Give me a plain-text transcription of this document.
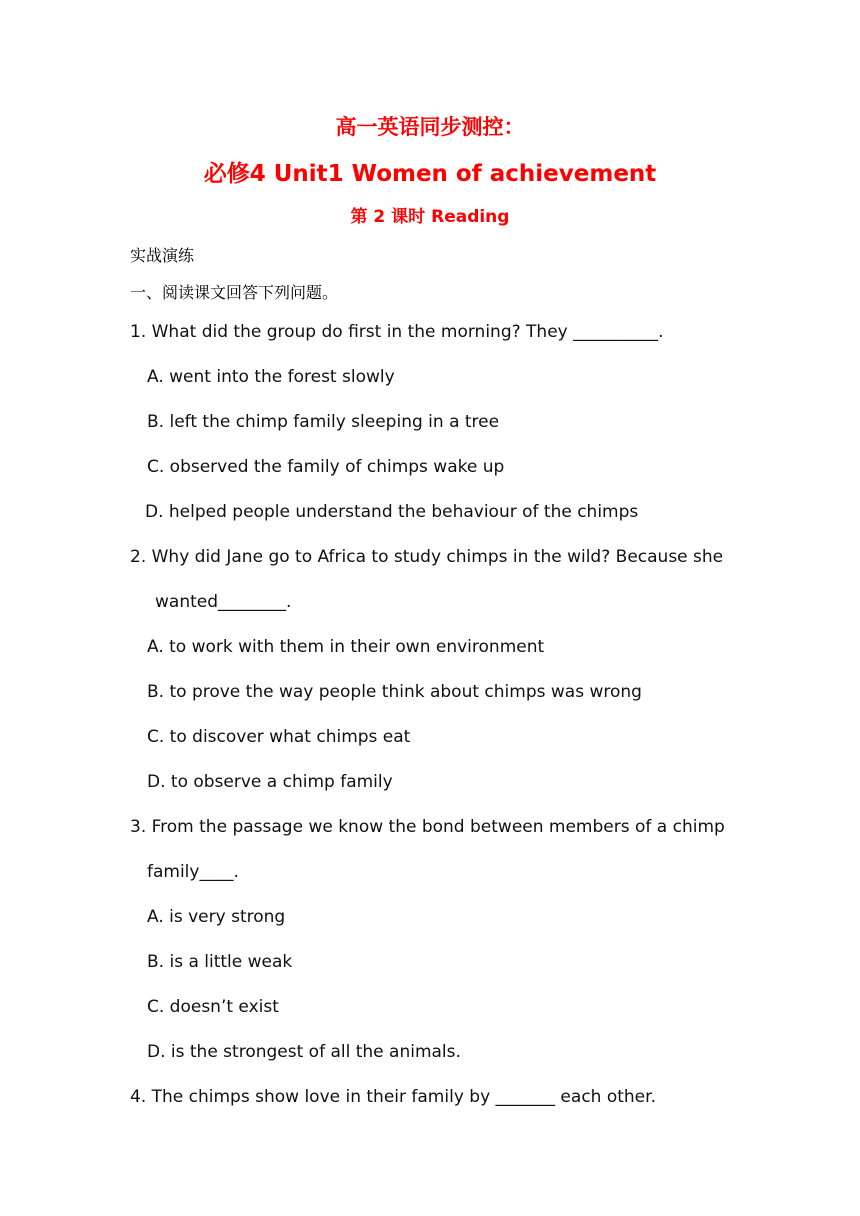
高一英语同步测控：
必修4 Unit1 Women of achievement
第 2 课时 Reading
实战演练
一、阅读课文回答下列问题。
1. What did the group do first in the morning? They __________.
A. went into the forest slowly
B. left the chimp family sleeping in a tree
C. observed the family of chimps wake up
D. helped people understand the behaviour of the chimps
2. Why did Jane go to Africa to study chimps in the wild? Because she
wanted________.
A. to work with them in their own environment
B. to prove the way people think about chimps was wrong
C. to discover what chimps eat
D. to observe a chimp family
3. From the passage we know the bond between members of a chimp
family____.
A. is very strong
B. is a little weak
C. doesn’t exist
D. is the strongest of all the animals.
4. The chimps show love in their family by _______ each other.
